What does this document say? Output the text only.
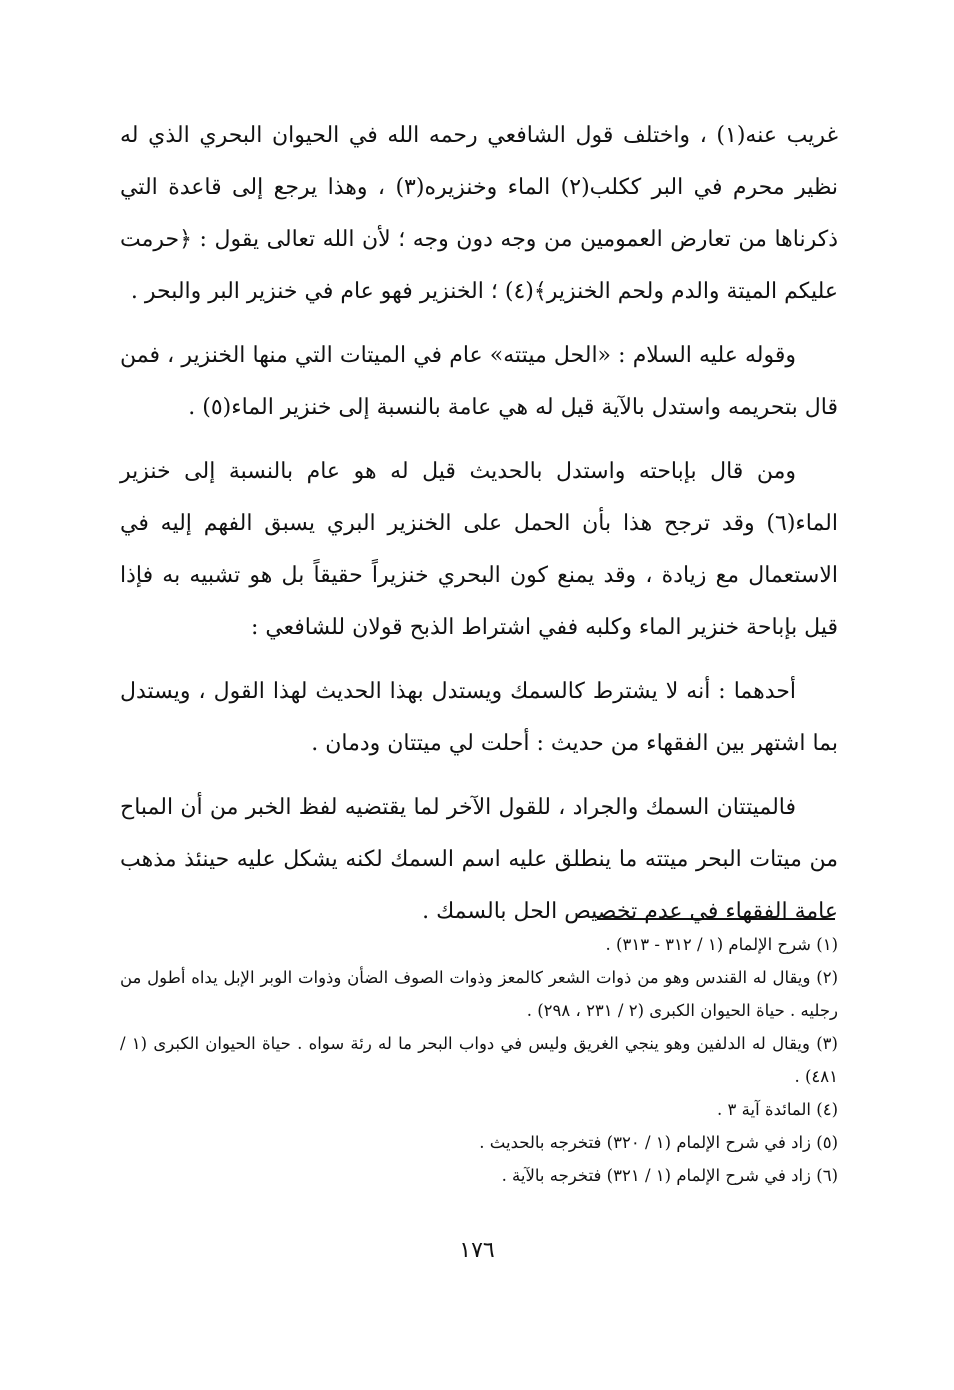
غريب عنه(١) ، واختلف قول الشافعي رحمه الله في الحيوان البحري الذي له نظير محرم في البر ككلب(٢) الماء وخنزيره(٣) ، وهذا يرجع إلى قاعدة التي ذكرناها من تعارض العمومين من وجه دون وجه ؛ لأن الله تعالى يقول : ﴿حرمت عليكم الميتة والدم ولحم الخنزير﴾(٤) ؛ الخنزير فهو عام في خنزير البر والبحر .

وقوله عليه السلام : «الحل ميتته» عام في الميتات التي منها الخنزير ، فمن قال بتحريمه واستدل بالآية قيل له هي عامة بالنسبة إلى خنزير الماء(٥) .

ومن قال بإباحته واستدل بالحديث قيل له هو عام بالنسبة إلى خنزير الماء(٦) وقد ترجح هذا بأن الحمل على الخنزير البري يسبق الفهم إليه في الاستعمال مع زيادة ، وقد يمنع كون البحري خنزيراً حقيقاً بل هو تشبيه به فإذا قيل بإباحة خنزير الماء وكلبه ففي اشتراط الذبح قولان للشافعي :

أحدهما : أنه لا يشترط كالسمك ويستدل بهذا الحديث لهذا القول ، ويستدل بما اشتهر بين الفقهاء من حديث : أحلت لي ميتتان ودمان .

فالميتتان السمك والجراد ، للقول الآخر لما يقتضيه لفظ الخبر من أن المباح من ميتات البحر ميتته ما ينطلق عليه اسم السمك لكنه يشكل عليه حينئذ مذهب عامة الفقهاء في عدم تخصيص الحل بالسمك .

(١) شرح الإلمام (١ / ٣١٢ - ٣١٣) .

(٢) ويقال له القندس وهو من ذوات الشعر كالمعز وذوات الصوف الضأن وذوات الوبر الإبل يداه أطول من رجليه . حياة الحيوان الكبرى (٢ / ٢٣١ ، ٢٩٨) .

(٣) ويقال له الدلفين وهو ينجي الغريق وليس في دواب البحر ما له رئة سواه . حياة الحيوان الكبرى (١ / ٤٨١) .

(٤) المائدة آية ٣ .

(٥) زاد في شرح الإلمام (١ / ٣٢٠) فتخرجه بالحديث .

(٦) زاد في شرح الإلمام (١ / ٣٢١) فتخرجه بالآية .

١٧٦
